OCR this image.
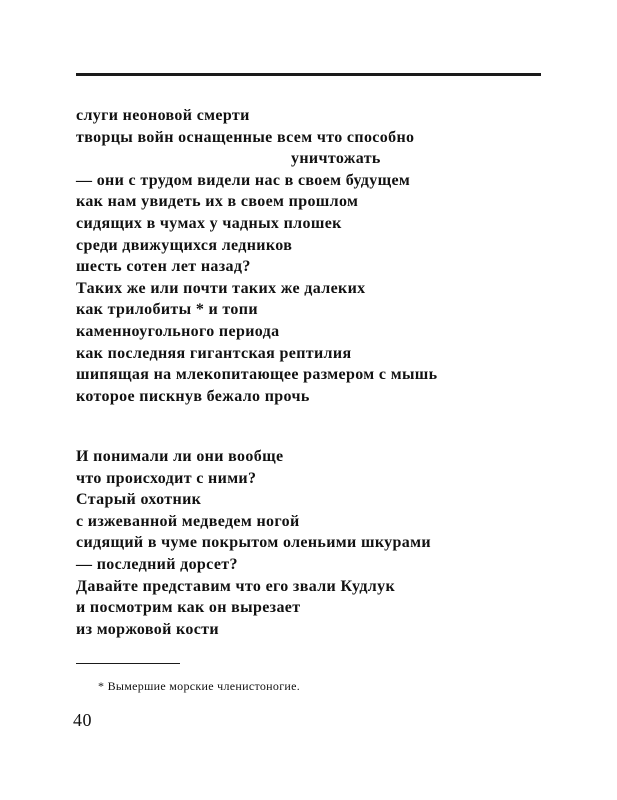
слуги неоновой смерти
творцы войн оснащенные всем что способно
уничтожать
— они с трудом видели нас в своем будущем
как нам увидеть их в своем прошлом
сидящих в чумах у чадных плошек
среди движущихся ледников
шесть сотен лет назад?
Таких же или почти таких же далеких
как трилобиты * и топи
каменноугольного периода
как последняя гигантская рептилия
шипящая на млекопитающее размером с мышь
которое пискнув бежало прочь
И понимали ли они вообще
что происходит с ними?
Старый охотник
с изжеванной медведем ногой
сидящий в чуме покрытом оленьими шкурами
— последний дорсет?
Давайте представим что его звали Кудлук
и посмотрим как он вырезает
из моржовой кости
* Вымершие морские членистоногие.
40
